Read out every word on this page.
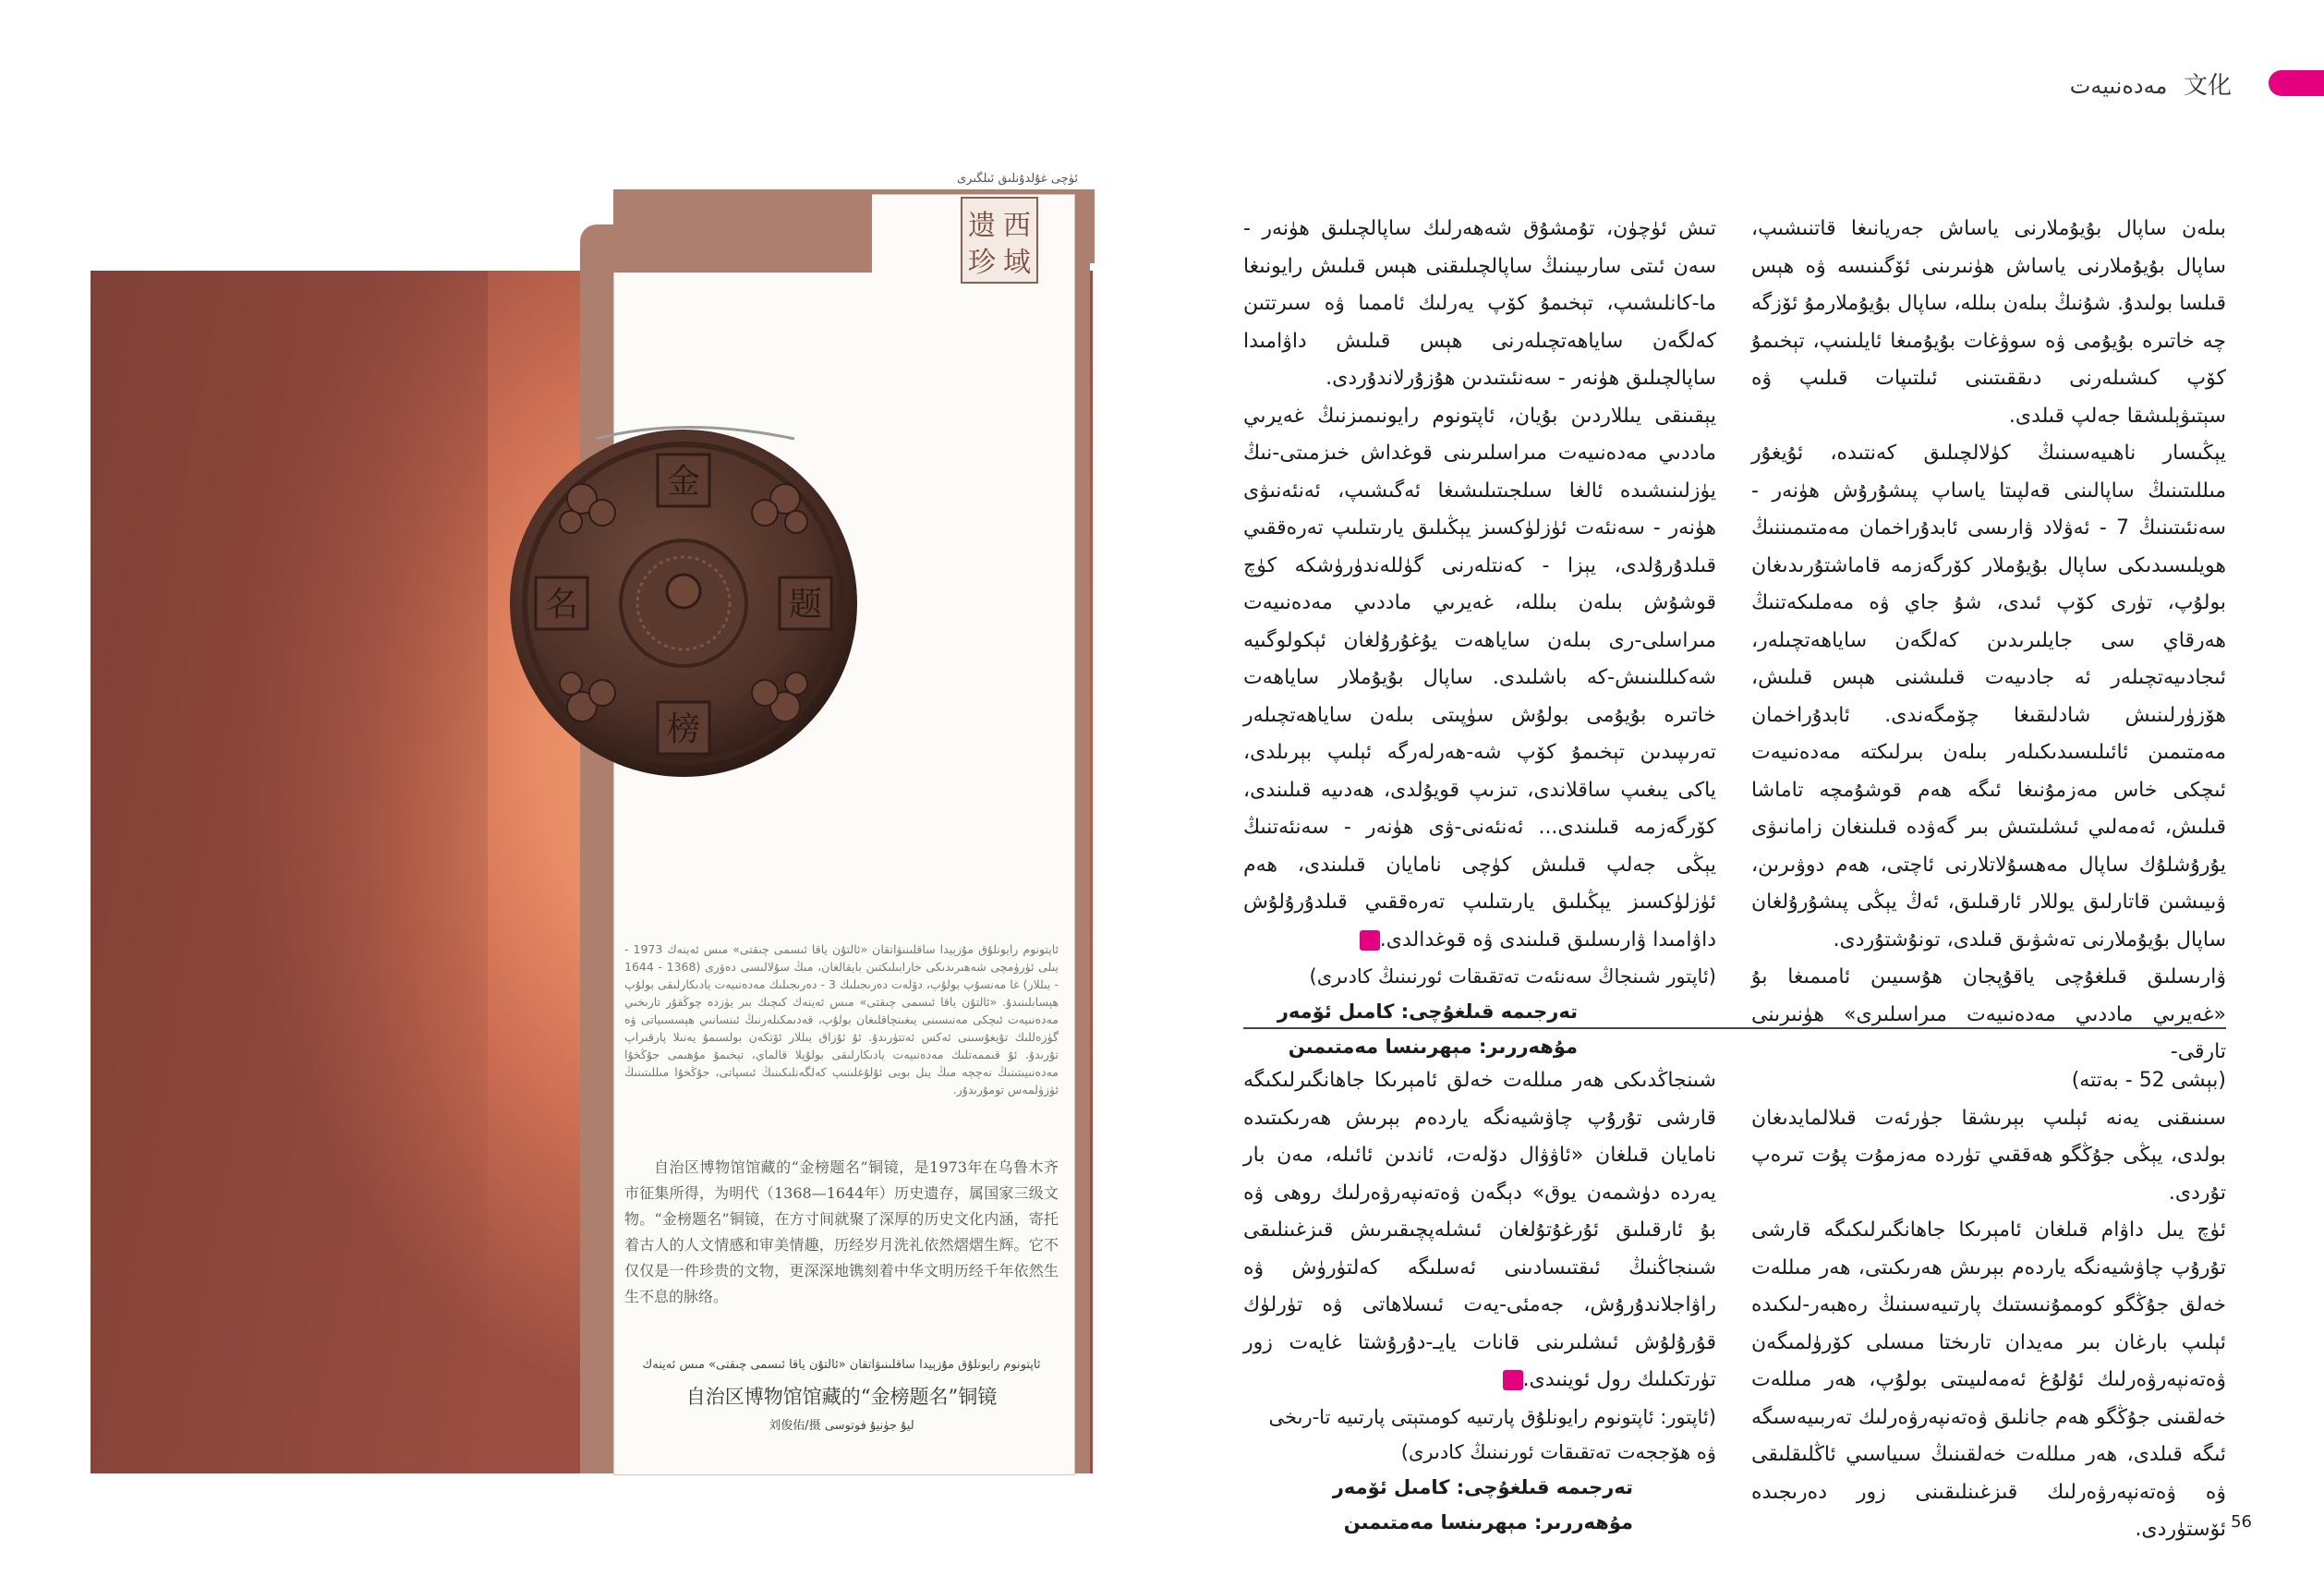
مەدەنىيەت 文化
ئۈچى غۇلدۇنلىق ئىلگىرى
西
域
遗
珍
金
榜
题
名
ئاپتونوم رايونلۇق مۇزېيدا ساقلىنىۋاتقان «ئالتۇن ياقا ئىسمى چىقتى» مىس ئەينەك 1973 - يىلى ئۈرۈمچى شەھىرىدىكى خارابىلىكتىن بايقالغان، مىڭ سۇلالىسى دەۋرى (1368 - 1644 - يىللار) غا مەنسۇپ بولۇپ، دۆلەت دەرىجىلىك 3 - دەرىجىلىك مەدەنىيەت يادىكارلىقى بولۇپ ھېسابلىنىدۇ. «ئالتۇن ياقا ئىسمى چىقتى» مىس ئەينەك كىچىك بىر يۈزدە چوڭقۇر تارىخىي مەدەنىيەت ئىچكى مەنىسىنى يىغىنچاقلىغان بولۇپ، قەدىمكىلەرنىڭ ئىنسانىي ھېسسىياتى ۋە گۈزەللىك تۇيغۇسىنى ئەكس ئەتتۈرىدۇ. ئۇ ئۇزاق يىللار ئۆتكەن بولسىمۇ يەنىلا پارقىراپ تۇرىدۇ. ئۇ قىممەتلىك مەدەنىيەت يادىكارلىقى بولۇپلا قالماي، تېخىمۇ مۇھىمى جۇڭخۇا مەدەنىيىتىنىڭ نەچچە مىڭ يىل بويى ئۇلۇغلىنىپ كەلگەنلىكىنىڭ ئىسپاتى، جۇڭخۇا مىللىتىنىڭ ئۈزۈلمەس تومۇرىدۇر.
自治区博物馆馆藏的“金榜题名”铜镜，是1973年在乌鲁木齐市征集所得，为明代（1368—1644年）历史遗存，属国家三级文物。“金榜题名”铜镜，在方寸间就聚了深厚的历史文化内涵，寄托着古人的人文情感和审美情趣，历经岁月洗礼依然熠熠生辉。它不仅仅是一件珍贵的文物，更深深地镌刻着中华文明历经千年依然生生不息的脉络。
ئاپتونوم رايونلۇق مۇزېيدا ساقلىنىۋاتقان «ئالتۇن ياقا ئىسمى چىقتى» مىس ئەينەك
自治区博物馆馆藏的“金榜题名”铜镜
刘俊佑/摄 ليۇ جۈنيۇ فوتوسى

بىلەن ساپال بۇيۇملارنى ياساش جەريانىغا قاتنىشىپ، ساپال بۇيۇملارنى ياساش ھۈنىرىنى ئۆگىنىسە ۋە ھېس قىلسا بولىدۇ. شۇنىڭ بىلەن بىللە، ساپال بۇيۇملارمۇ ئۆزگە چە خاتىرە بۇيۇمى ۋە سوۋغات بۇيۇمىغا ئايلىنىپ، تېخىمۇ كۆپ كىشىلەرنى دىققىتىنى ئىلتىپات قىلىپ ۋە سېتىۋېلىشقا جەلپ قىلدى.

يېڭىسار ناھىيەسىنىڭ كۈلالچىلىق كەنتىدە، ئۇيغۇر مىللىتىنىڭ ساپالىنى قەلپىتا ياساپ پىشۇرۇش ھۈنەر - سەنئىتىنىڭ 7 - ئەۋلاد ۋارىسى ئابدۇراخمان مەمتىمىننىڭ ھويلىسىدىكى ساپال بۇيۇملار كۆرگەزمە قاماشتۇرىدىغان بولۇپ، تۈرى كۆپ ئىدى، شۇ جاي ۋە مەملىكەتنىڭ ھەرقاي سى جايلىرىدىن كەلگەن ساياھەتچىلەر، ئىجادىيەتچىلەر ئە جادىيەت قىلىشنى ھېس قىلىش، ھۆزۈرلىنىش شادلىقىغا چۆمگەندى. ئابدۇراخمان مەمتىمىن ئائىلىسىدىكىلەر بىلەن بىرلىكتە مەدەنىيەت ئىچكى خاس مەزمۇنىغا ئىگە ھەم قوشۇمچە تاماشا قىلىش، ئەمەلىي ئىشلىتىش بىر گەۋدە قىلىنغان زامانىۋى يۇرۇشلۇك ساپال مەھسۇلاتلارنى ئاچتى، ھەم دوۋىرىن، ۋىيىشىن قاتارلىق يوللار ئارقىلىق، ئەڭ يېڭى پىشۇرۇلغان ساپال بۇيۇملارنى تەشۋىق قىلدى، تونۇشتۇردى.

ۋارىسلىق قىلغۇچى ياقۇپجان ھۇسىيىن ئامىمىغا بۇ «غەيرىي ماددىي مەدەنىيەت مىراسلىرى» ھۈنىرىنى تارقى-

تىش ئۈچۈن، تۇمشۇق شەھەرلىك ساپالچىلىق ھۈنەر - سەن ئىتى سارىيىنىڭ ساپالچىلىقنى ھېس قىلىش رايونىغا ما-كانلىشىپ، تېخىمۇ كۆپ يەرلىك ئاممىا ۋە سىرتتىن كەلگەن ساياھەتچىلەرنى ھېس قىلىش داۋامىدا ساپالچىلىق ھۈنەر - سەنئىتىدىن ھۇزۇرلاندۇردى.

يېقىنقى يىللاردىن بۇيان، ئاپتونوم رايونىمىزنىڭ غەيرىي ماددىي مەدەنىيەت مىراسلىرىنى قوغداش خىزمىتى-نىڭ يۈزلىنىشىدە ئالغا سىلجىتىلىشىغا ئەگىشىپ، ئەنئەنىۋى ھۈنەر - سەنئەت ئۈزلۈكسىز يېڭىلىق يارىتىلىپ تەرەققىي قىلدۇرۇلدى، يېزا - كەنتلەرنى گۈللەندۈرۈشكە كۈچ قوشۇش بىلەن بىللە، غەيرىي ماددىي مەدەنىيەت مىراسلى-رى بىلەن ساياھەت يۇغۇرۇلغان ئېكولوگىيە شەكىللىنىش-كە باشلىدى. ساپال بۇيۇملار ساياھەت خاتىرە بۇيۇمى بولۇش سۈپىتى بىلەن ساياھەتچىلەر تەرىپىدىن تېخىمۇ كۆپ شە-ھەرلەرگە ئېلىپ بېرىلدى، ياكى يىغىپ ساقلاندى، تىزىپ قويۇلدى، ھەدىيە قىلىندى، كۆرگەزمە قىلىندى... ئەنئەنى-ۋى ھۈنەر - سەنئەتنىڭ يېڭى جەلپ قىلىش كۈچى نامايان قىلىندى، ھەم ئۈزلۈكسىز يېڭىلىق يارىتىلىپ تەرەققىي قىلدۇرۇلۇش داۋامىدا ۋارىسلىق قىلىندى ۋە قوغدالدى.

(ئاپتور شىنجاڭ سەنئەت تەتقىقات ئورنىنىڭ كادىرى)
تەرجىمە قىلغۇچى: كامىل ئۆمەر
مۇھەررىر: مېھرىنسا مەمتىمىن

(بېشى 52 - بەتتە)

سىنىقنى يەنە ئېلىپ بېرىشقا جۈرئەت قىلالمايدىغان بولدى، يېڭى جۇڭگو ھەققىي تۈردە مەزمۇت پۇت تىرەپ تۇردى.

ئۈچ يىل داۋام قىلغان ئامېرىكا جاھانگىرلىكىگە قارشى تۇرۇپ چاۋشيەنگە ياردەم بېرىش ھەرىكىتى، ھەر مىللەت خەلق جۇڭگو كوممۇنىستىك پارتىيەسىنىڭ رەھبەر-لىكىدە ئېلىپ بارغان بىر مەيدان تارىختا مىسلى كۆرۈلمىگەن ۋەتەنپەرۋەرلىك ئۇلۇغ ئەمەلىيىتى بولۇپ، ھەر مىللەت خەلقىنى جۇڭگو ھەم جانلىق ۋەتەنپەرۋەرلىك تەربىيەسىگە ئىگە قىلدى، ھەر مىللەت خەلقىنىڭ سىياسىي ئاڭلىقلىقى ۋە ۋەتەنپەرۋەرلىك قىزغىنلىقىنى زور دەرىجىدە ئۆستۈردى.

شىنجاڭدىكى ھەر مىللەت خەلق ئامېرىكا جاھانگىرلىكىگە قارشى تۇرۇپ چاۋشيەنگە ياردەم بېرىش ھەرىكىتىدە نامايان قىلغان «ئاۋۋال دۆلەت، ئاندىن ئائىلە، مەن بار يەردە دۈشمەن يوق» دېگەن ۋەتەنپەرۋەرلىك روھى ۋە بۇ ئارقىلىق ئۇرغۇتۇلغان ئىشلەپچىقىرىش قىزغىنلىقى شىنجاڭنىڭ ئىقتىسادىنى ئەسلىگە كەلتۈرۈش ۋە راۋاجلاندۇرۇش، جەمئى-يەت ئىسلاھاتى ۋە تۈرلۈك قۇرۇلۇش ئىشلىرىنى قانات يايـ-دۇرۇشتا غايەت زور تۈرتكىلىك رول ئوينىدى.

(ئاپتور: ئاپتونوم رايونلۇق پارتىيە كومىتېتى پارتىيە تا-رىخى ۋە ھۆججەت تەتقىقات ئورنىنىڭ كادىرى)
تەرجىمە قىلغۇچى: كامىل ئۆمەر
مۇھەررىر: مېھرىنسا مەمتىمىن	56
